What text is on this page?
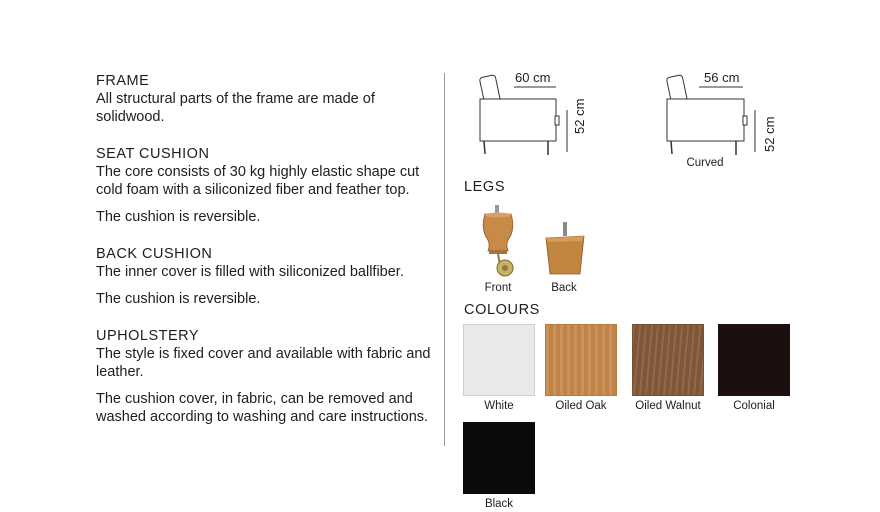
FRAME

All structural parts of the frame are made of solidwood.

SEAT CUSHION

The core consists of 30 kg highly elastic shape cut cold foam with a siliconized fiber and feather top.

The cushion is reversible.

BACK CUSHION

The inner cover is filled with siliconized ballfiber.

The cushion is reversible.

UPHOLSTERY

The style is fixed cover and available with fabric and leather.

The cushion cover, in fabric, can be removed and washed according to washing and care instructions.

60 cm
52 cm
56 cm
52 cm
Curved
LEGS
Front	Back
COLOURS
White	Oiled Oak	Oiled Walnut	Colonial
Black
